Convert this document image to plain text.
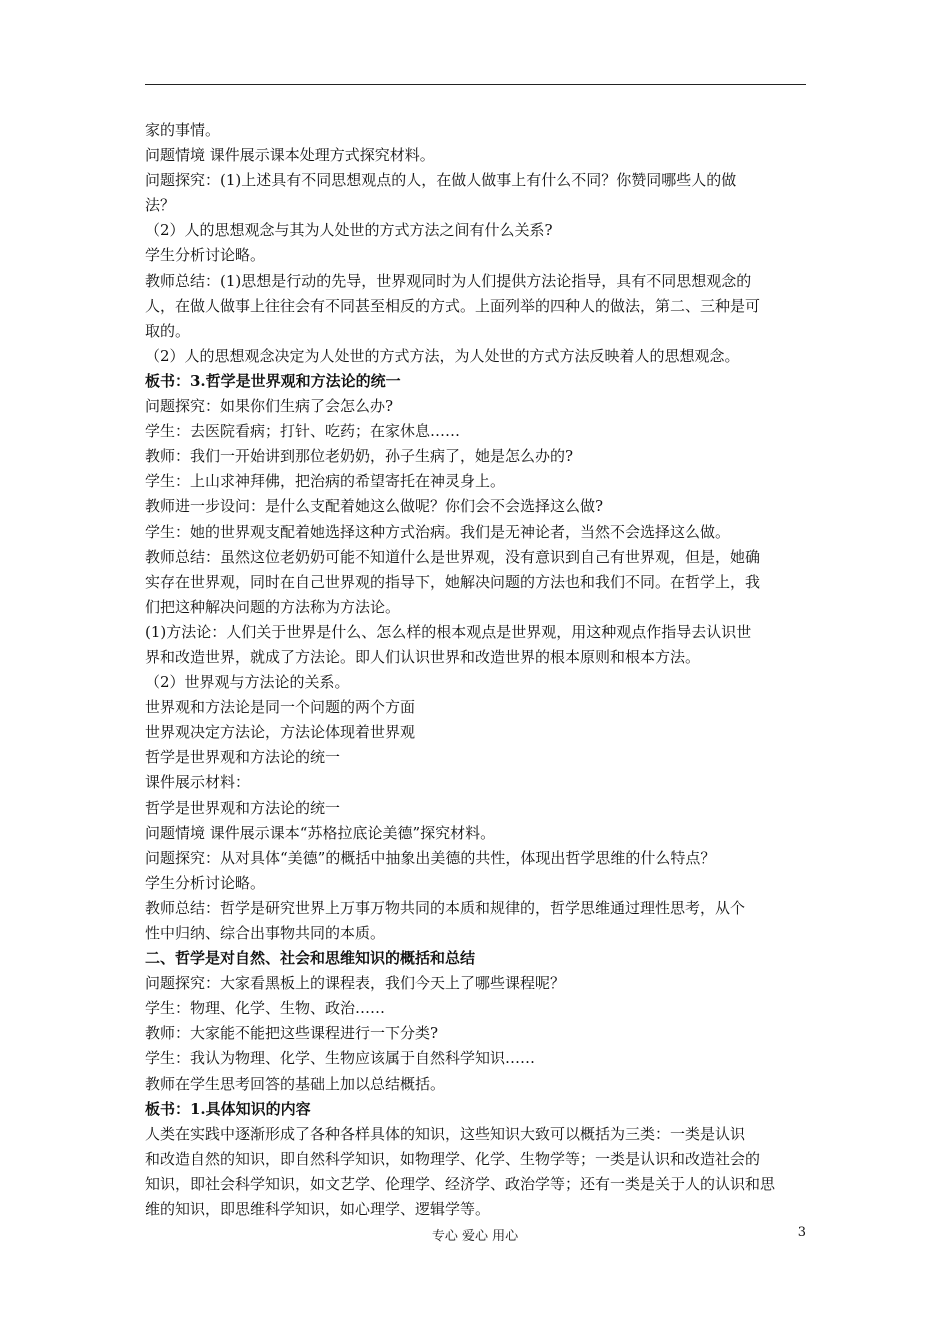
家的事情。
问题情境 课件展示课本处理方式探究材料。
问题探究：(1)上述具有不同思想观点的人，在做人做事上有什么不同？你赞同哪些人的做
法？
（2）人的思想观念与其为人处世的方式方法之间有什么关系?
学生分析讨论略。
教师总结：(1)思想是行动的先导，世界观同时为人们提供方法论指导，具有不同思想观念的
人，在做人做事上往往会有不同甚至相反的方式。上面列举的四种人的做法，第二、三种是可
取的。
（2）人的思想观念决定为人处世的方式方法，为人处世的方式方法反映着人的思想观念。
板书：3.哲学是世界观和方法论的统一
问题探究：如果你们生病了会怎么办?
学生：去医院看病；打针、吃药；在家休息……
教师：我们一开始讲到那位老奶奶，孙子生病了，她是怎么办的?
学生：上山求神拜佛，把治病的希望寄托在神灵身上。
教师进一步设问：是什么支配着她这么做呢？你们会不会选择这么做?
学生：她的世界观支配着她选择这种方式治病。我们是无神论者，当然不会选择这么做。
教师总结：虽然这位老奶奶可能不知道什么是世界观，没有意识到自己有世界观，但是，她确
实存在世界观，同时在自己世界观的指导下，她解决问题的方法也和我们不同。在哲学上，我
们把这种解决问题的方法称为方法论。
(1)方法论：人们关于世界是什么、怎么样的根本观点是世界观，用这种观点作指导去认识世
界和改造世界，就成了方法论。即人们认识世界和改造世界的根本原则和根本方法。
（2）世界观与方法论的关系。
世界观和方法论是同一个问题的两个方面
世界观决定方法论，方法论体现着世界观
哲学是世界观和方法论的统一
课件展示材料：
哲学是世界观和方法论的统一
问题情境 课件展示课本“苏格拉底论美德”探究材料。
问题探究：从对具体“美德”的概括中抽象出美德的共性，体现出哲学思维的什么特点？
学生分析讨论略。
教师总结：哲学是研究世界上万事万物共同的本质和规律的，哲学思维通过理性思考，从个
性中归纳、综合出事物共同的本质。
二、哲学是对自然、社会和思维知识的概括和总结
问题探究：大家看黑板上的课程表，我们今天上了哪些课程呢？
学生：物理、化学、生物、政治……
教师：大家能不能把这些课程进行一下分类?
学生：我认为物理、化学、生物应该属于自然科学知识……
教师在学生思考回答的基础上加以总结概括。
板书：1.具体知识的内容
人类在实践中逐渐形成了各种各样具体的知识，这些知识大致可以概括为三类：一类是认识
和改造自然的知识，即自然科学知识，如物理学、化学、生物学等；一类是认识和改造社会的
知识，即社会科学知识，如文艺学、伦理学、经济学、政治学等；还有一类是关于人的认识和思
维的知识，即思维科学知识，如心理学、逻辑学等。
专心 爱心 用心	3
